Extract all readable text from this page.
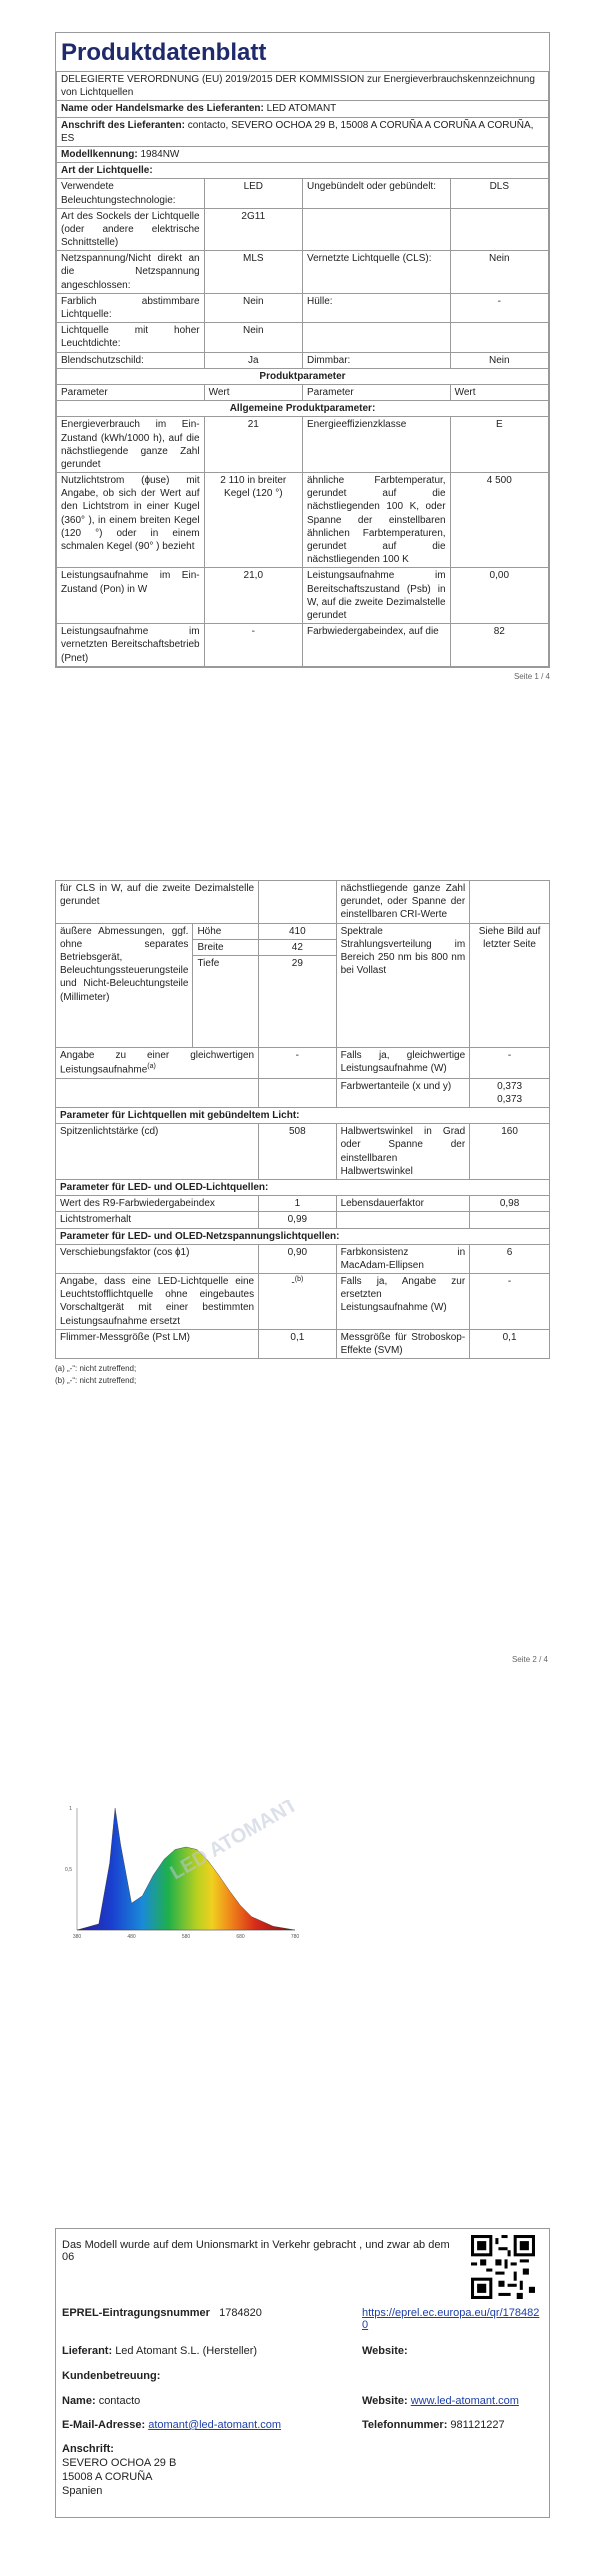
Produktdatenblatt
DELEGIERTE VERORDNUNG (EU) 2019/2015 DER KOMMISSION zur Energieverbrauchskennzeichnung von Lichtquellen			
Name oder Handelsmarke des Lieferanten: LED ATOMANT			
Anschrift des Lieferanten: contacto, SEVERO OCHOA 29 B, 15008 A CORUÑA A CORUÑA A CORUÑA, ES			
Modellkennung: 1984NW			
Art der Lichtquelle:			
Verwendete Beleuchtungstechnologie:	LED	Ungebündelt oder gebündelt:	DLS
Art des Sockels der Lichtquelle (oder andere elektrische Schnittstelle)	2G11		
Netzspannung/Nicht direkt an die Netzspannung angeschlossen:	MLS	Vernetzte Lichtquelle (CLS):	Nein
Farblich abstimmbare Lichtquelle:	Nein	Hülle:	-
Lichtquelle mit hoher Leuchtdichte:	Nein		
Blendschutzschild:	Ja	Dimmbar:	Nein
Produktparameter			
Parameter	Wert	Parameter	Wert
Allgemeine Produktparameter:			
Energieverbrauch im Ein-Zustand (kWh/1000 h), auf die nächstliegende ganze Zahl gerundet	21	Energieeffizienzklasse	E
Nutzlichtstrom (ɸuse) mit Angabe, ob sich der Wert auf den Lichtstrom in einer Kugel (360° ), in einem breiten Kegel (120 °) oder in einem schmalen Kegel (90° ) bezieht	2 110 in breiter Kegel (120 °)	ähnliche Farbtemperatur, gerundet auf die nächstliegenden 100 K, oder Spanne der einstellbaren ähnlichen Farbtemperaturen, gerundet auf die nächstliegenden 100 K	4 500
Leistungsaufnahme im Ein-Zustand (Pon) in W	21,0	Leistungsaufnahme im Bereitschaftszustand (Psb) in W, auf die zweite Dezimalstelle gerundet	0,00
Leistungsaufnahme im vernetzten Bereitschaftsbetrieb (Pnet)	-	Farbwiedergabeindex, auf die	82
Seite 1 / 4
für CLS in W, auf die zweite Dezimalstelle gerundet			nächstliegende ganze Zahl gerundet, oder Spanne der einstellbaren CRI-Werte	
äußere Abmessungen, ggf. ohne separates Betriebsgerät, Beleuchtungssteuerungsteile und Nicht-Beleuchtungsteile (Millimeter)	Höhe	410	Spektrale Strahlungsverteilung im Bereich 250 nm bis 800 nm bei Vollast	Siehe Bild auf letzter Seite
	Breite	42		
	Tiefe	29		
Angabe zu einer gleichwertigen Leistungsaufnahme$^{(a)}$		-	Falls ja, gleichwertige Leistungsaufnahme (W)	-
			Farbwertanteile (x und y)	0,373
0,373

Parameter für Lichtquellen mit gebündeltem Licht:				
Spitzenlichtstärke (cd)		508	Halbwertswinkel in Grad oder Spanne der einstellbaren Halbwertswinkel	160
Parameter für LED- und OLED-Lichtquellen:				
Wert des R9-Farbwiedergabeindex		1	Lebensdauerfaktor	0,98
Lichtstromerhalt		0,99		
Parameter für LED- und OLED-Netzspannungslichtquellen:				
Verschiebungsfaktor (cos ɸ1)		0,90	Farbkonsistenz in MacAdam-Ellipsen	6
Angabe, dass eine LED-Lichtquelle eine Leuchtstofflichtquelle ohne eingebautes Vorschaltgerät mit einer bestimmten Leistungsaufnahme ersetzt		-$^{(b)}$	Falls ja, Angabe zur ersetzten Leistungsaufnahme (W)	-
Flimmer-Messgröße (Pst LM)		0,1	Messgröße für Stroboskop-Effekte (SVM)	0,1
(a) „-“: nicht zutreffend;
(b) „-“: nicht zutreffend;
Seite 2 / 4
1
0,5
380	480	580	680	780
LED ATOMANT
Das Modell wurde auf dem Unionsmarkt in Verkehr gebracht , und zwar ab dem 06
EPREL-Eintragungsnummer 1784820	https://eprel.ec.europa.eu/qr/1784820
Lieferant: Led Atomant S.L. (Hersteller)	Website:
Kundenbetreuung:
Name: contacto	Website: www.led-atomant.com
E-Mail-Adresse: atomant@led-atomant.com	Telefonnummer: 981121227
Anschrift:
SEVERO OCHOA 29 B
15008 A CORUÑA
Spanien
